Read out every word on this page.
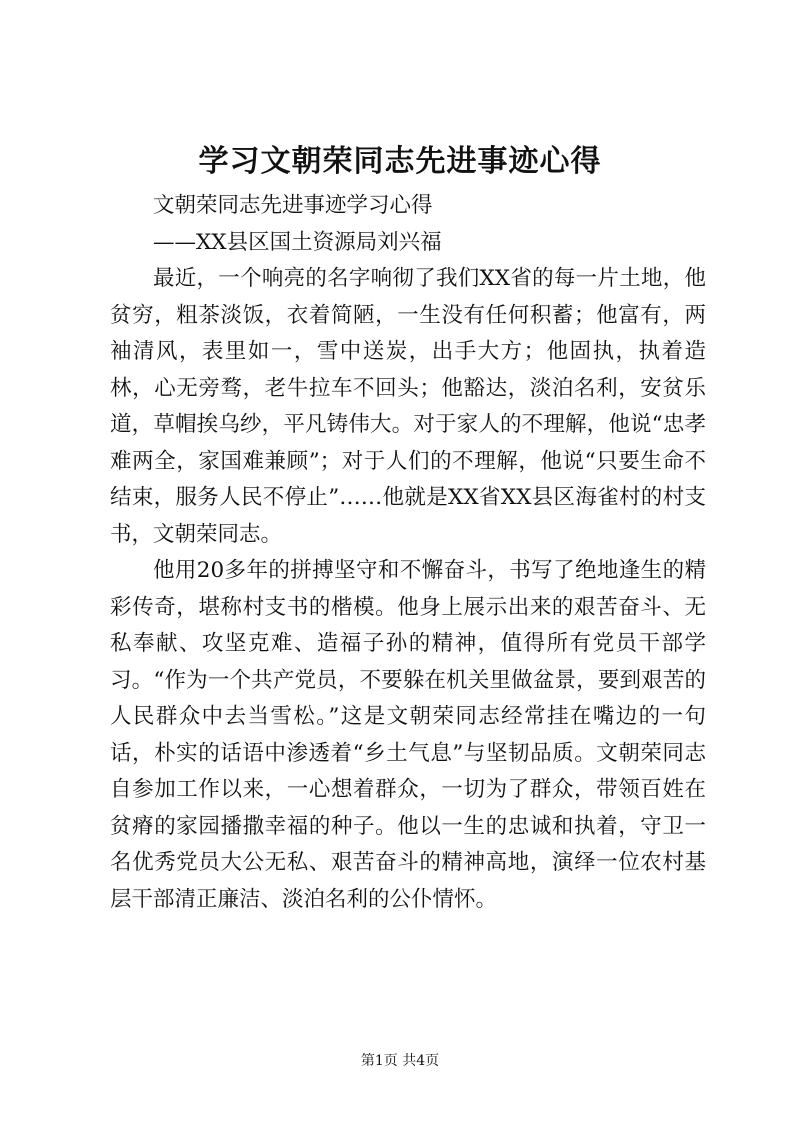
学习文朝荣同志先进事迹心得

文朝荣同志先进事迹学习心得

——XX县区国土资源局刘兴福

最近，一个响亮的名字响彻了我们XX省的每一片土地，他贫穷，粗茶淡饭，衣着简陋，一生没有任何积蓄；他富有，两袖清风，表里如一，雪中送炭，出手大方；他固执，执着造林，心无旁骛，老牛拉车不回头；他豁达，淡泊名利，安贫乐道，草帽挨乌纱，平凡铸伟大。对于家人的不理解，他说“忠孝难两全，家国难兼顾”；对于人们的不理解，他说“只要生命不结束，服务人民不停止”……他就是XX省XX县区海雀村的村支书，文朝荣同志。

他用20多年的拼搏坚守和不懈奋斗，书写了绝地逢生的精彩传奇，堪称村支书的楷模。他身上展示出来的艰苦奋斗、无私奉献、攻坚克难、造福子孙的精神，值得所有党员干部学习。“作为一个共产党员，不要躲在机关里做盆景，要到艰苦的人民群众中去当雪松。”这是文朝荣同志经常挂在嘴边的一句话，朴实的话语中渗透着“乡土气息”与坚韧品质。文朝荣同志自参加工作以来，一心想着群众，一切为了群众，带领百姓在贫瘠的家园播撒幸福的种子。他以一生的忠诚和执着，守卫一名优秀党员大公无私、艰苦奋斗的精神高地，演绎一位农村基层干部清正廉洁、淡泊名利的公仆情怀。

第1页 共4页
